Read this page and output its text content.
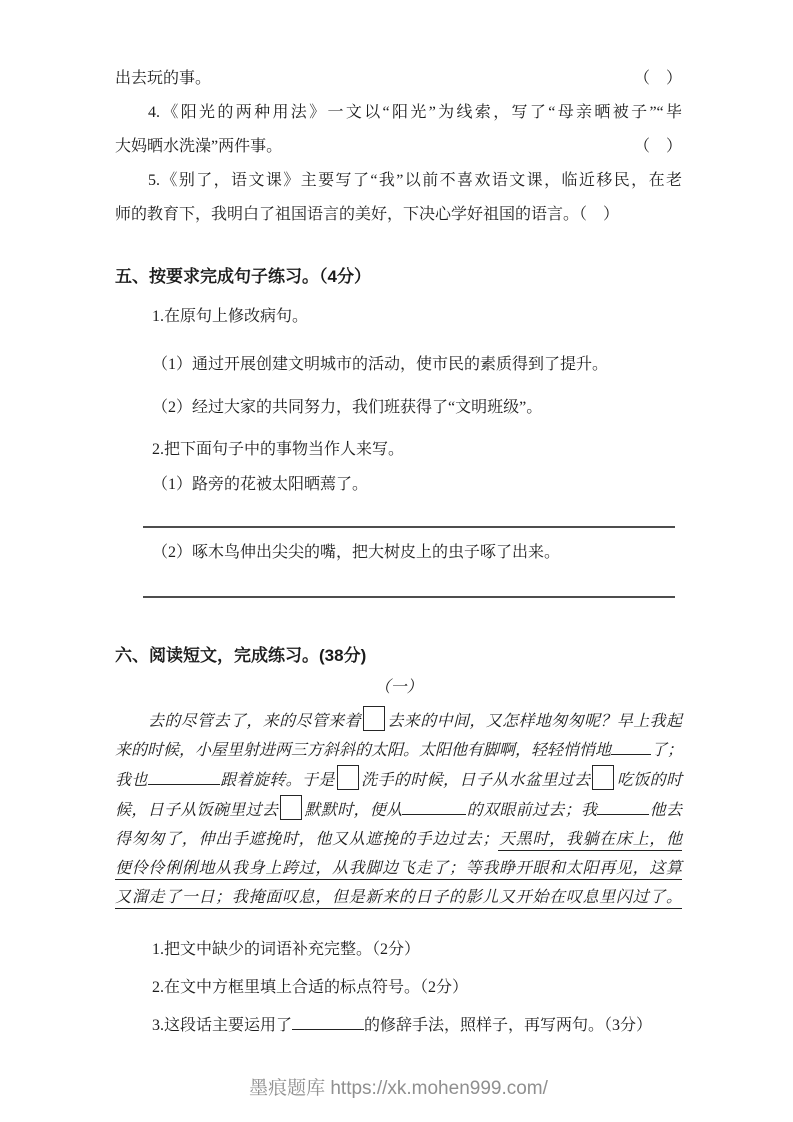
出去玩的事。	（　）
4.《阳光的两种用法》一文以“阳光”为线索，写了“母亲晒被子”“毕
大妈晒水洗澡”两件事。	（　）
5.《别了，语文课》主要写了“我”以前不喜欢语文课，临近移民，在老
师的教育下，我明白了祖国语言的美好，下决心学好祖国的语言。（　）
五、按要求完成句子练习。（4分）
1.在原句上修改病句。
（1）通过开展创建文明城市的活动，使市民的素质得到了提升。
（2）经过大家的共同努力，我们班获得了“文明班级”。
2.把下面句子中的事物当作人来写。
（1）路旁的花被太阳晒蔫了。
（2）啄木鸟伸出尖尖的嘴，把大树皮上的虫子啄了出来。
六、阅读短文，完成练习。(38分)
（一）
去的尽管去了，来的尽管来着 去来的中间，又怎样地匆匆呢？早上我起
来的时候，小屋里射进两三方斜斜的太阳。太阳他有脚啊，轻轻悄悄地	了；
我也	跟着旋转。于是 洗手的时候，日子从水盆里过去 吃饭的时
候，日子从饭碗里过去 默默时，便从	的双眼前过去；我	他去
得匆匆了，伸出手遮挽时，他又从遮挽的手边过去；天黑时，我躺在床上，他
便伶伶俐俐地从我身上跨过，从我脚边飞走了；等我睁开眼和太阳再见，这算
又溜走了一日；我掩面叹息，但是新来的日子的影儿又开始在叹息里闪过了。
1.把文中缺少的词语补充完整。（2分）
2.在文中方框里填上合适的标点符号。（2分）
3.这段话主要运用了	的修辞手法，照样子，再写两句。（3分）
墨痕题库 https://xk.mohen999.com/
